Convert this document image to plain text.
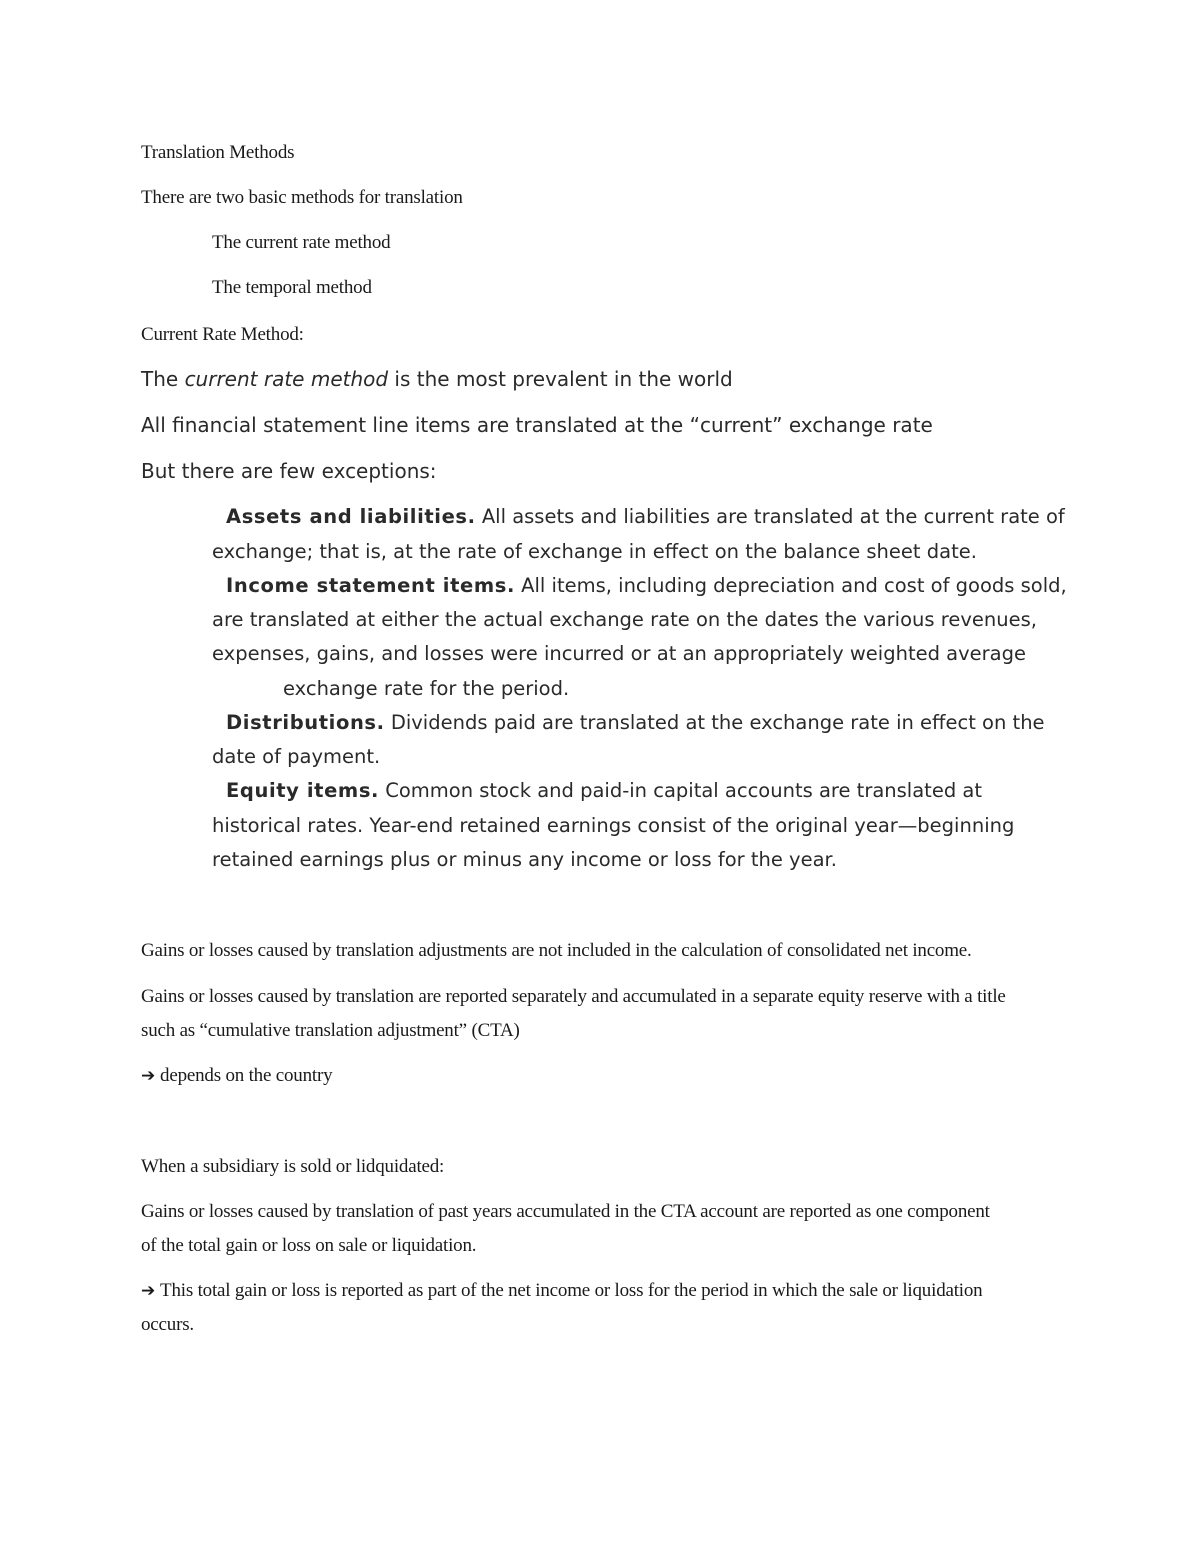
Translation Methods
There are two basic methods for translation
The current rate method
The temporal method
Current Rate Method:
The current rate method is the most prevalent in the world
All financial statement line items are translated at the “current” exchange rate
But there are few exceptions:
Assets and liabilities. All assets and liabilities are translated at the current rate of
exchange; that is, at the rate of exchange in effect on the balance sheet date.
Income statement items. All items, including depreciation and cost of goods sold,
are translated at either the actual exchange rate on the dates the various revenues,
expenses, gains, and losses were incurred or at an appropriately weighted average
exchange rate for the period.
Distributions. Dividends paid are translated at the exchange rate in effect on the
date of payment.
Equity items. Common stock and paid-in capital accounts are translated at
historical rates. Year-end retained earnings consist of the original year—beginning
retained earnings plus or minus any income or loss for the year.
Gains or losses caused by translation adjustments are not included in the calculation of consolidated net income.
Gains or losses caused by translation are reported separately and accumulated in a separate equity reserve with a title
such as “cumulative translation adjustment” (CTA)
➔ depends on the country
When a subsidiary is sold or lidquidated:
Gains or losses caused by translation of past years accumulated in the CTA account are reported as one component
of the total gain or loss on sale or liquidation.
➔ This total gain or loss is reported as part of the net income or loss for the period in which the sale or liquidation
occurs.
